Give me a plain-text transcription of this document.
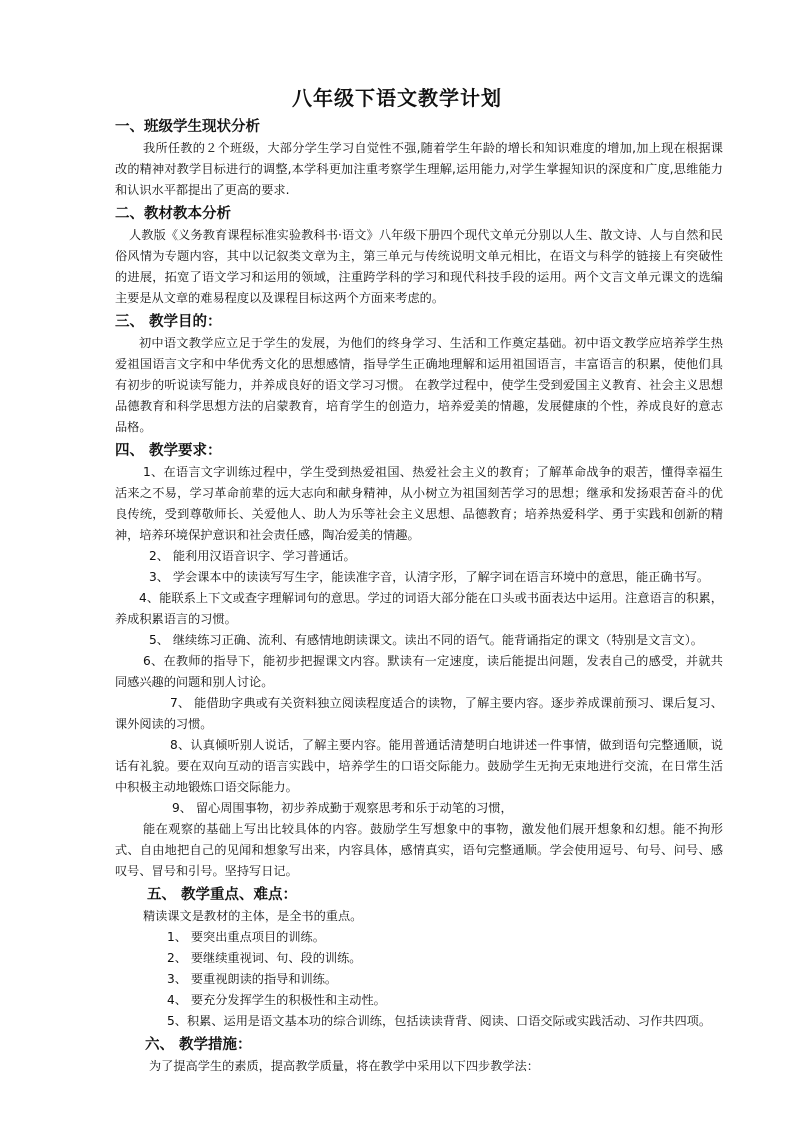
八年级下语文教学计划

一、班级学生现状分析

我所任教的２个班级，大部分学生学习自觉性不强,随着学生年龄的增长和知识难度的增加,加上现在根据课改的精神对教学目标进行的调整,本学科更加注重考察学生理解,运用能力,对学生掌握知识的深度和广度,思维能力和认识水平都提出了更高的要求.

二、教材教本分析

人教版《义务教育课程标准实验教科书·语文》八年级下册四个现代文单元分别以人生、散文诗、人与自然和民俗风情为专题内容，其中以记叙类文章为主，第三单元与传统说明文单元相比，在语文与科学的链接上有突破性的进展，拓宽了语文学习和运用的领域，注重跨学科的学习和现代科技手段的运用。两个文言文单元课文的选编主要是从文章的难易程度以及课程目标这两个方面来考虑的。

三、 教学目的：

初中语文教学应立足于学生的发展，为他们的终身学习、生活和工作奠定基础。初中语文教学应培养学生热爱祖国语言文字和中华优秀文化的思想感情，指导学生正确地理解和运用祖国语言，丰富语言的积累，使他们具有初步的听说读写能力，并养成良好的语文学习习惯。 在教学过程中，使学生受到爱国主义教育、社会主义思想品德教育和科学思想方法的启蒙教育，培育学生的创造力，培养爱美的情趣，发展健康的个性，养成良好的意志品格。

四、 教学要求：

1、在语言文字训练过程中，学生受到热爱祖国、热爱社会主义的教育；了解革命战争的艰苦，懂得幸福生活来之不易，学习革命前辈的远大志向和献身精神，从小树立为祖国刻苦学习的思想；继承和发扬艰苦奋斗的优良传统，受到尊敬师长、关爱他人、助人为乐等社会主义思想、品德教育；培养热爱科学、勇于实践和创新的精神，培养环境保护意识和社会责任感，陶冶爱美的情趣。

2、 能利用汉语音识字、学习普通话。

3、 学会课本中的读读写写生字，能读准字音，认清字形，了解字词在语言环境中的意思，能正确书写。

4、能联系上下文或查字理解词句的意思。学过的词语大部分能在口头或书面表达中运用。注意语言的积累，养成积累语言的习惯。

5、 继续练习正确、流利、有感情地朗读课文。读出不同的语气。能背诵指定的课文（特别是文言文）。

6、在教师的指导下，能初步把握课文内容。默读有一定速度，读后能提出问题，发表自己的感受，并就共同感兴趣的问题和别人讨论。

7、 能借助字典或有关资料独立阅读程度适合的读物，了解主要内容。逐步养成课前预习、课后复习、课外阅读的习惯。

8、认真倾听别人说话，了解主要内容。能用普通话清楚明白地讲述一件事情，做到语句完整通顺，说话有礼貌。要在双向互动的语言实践中，培养学生的口语交际能力。鼓励学生无拘无束地进行交流，在日常生活中积极主动地锻炼口语交际能力。

9、 留心周围事物，初步养成勤于观察思考和乐于动笔的习惯，

能在观察的基础上写出比较具体的内容。鼓励学生写想象中的事物，激发他们展开想象和幻想。能不拘形式、自由地把自己的见闻和想象写出来，内容具体，感情真实，语句完整通顺。学会使用逗号、句号、问号、感叹号、冒号和引号。坚持写日记。

五、 教学重点、难点：

精读课文是教材的主体，是全书的重点。

1、 要突出重点项目的训练。

2、 要继续重视词、句、段的训练。

3、 要重视朗读的指导和训练。

4、 要充分发挥学生的积极性和主动性。

5、积累、运用是语文基本功的综合训练，包括读读背背、阅读、口语交际或实践活动、习作共四项。

六、 教学措施：

为了提高学生的素质，提高教学质量，将在教学中采用以下四步教学法：
